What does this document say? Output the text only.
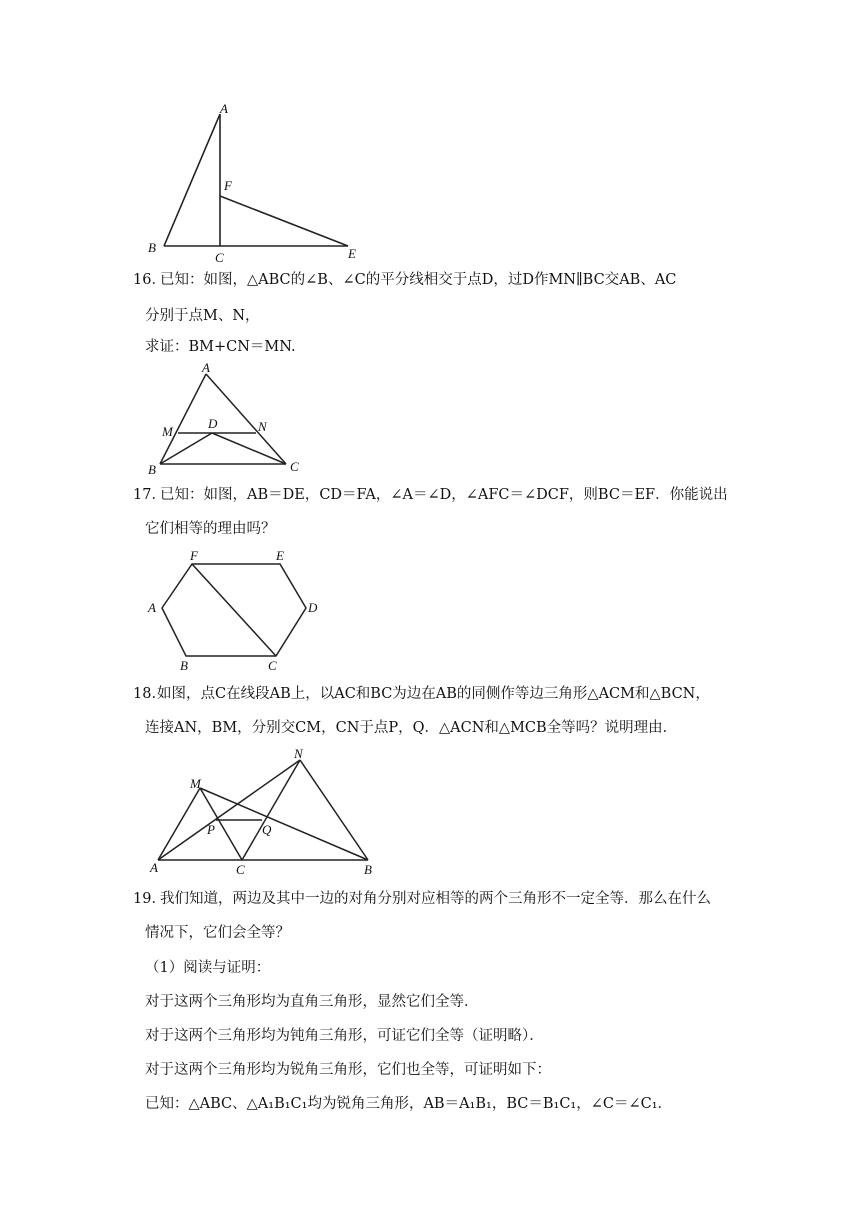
A
F
B
C	E
16．
已知：如图，△ABC的∠B、∠C的平分线相交于点D，过D作MN∥BC交AB、AC
分别于点M、N，
求证：BM+CN＝MN.
A
M
D	N
B	C
17．
已知：如图，AB＝DE，CD＝FA，∠A＝∠D，∠AFC＝∠DCF，则BC＝EF．你能说出
它们相等的理由吗？
F	E
A	D
B	C
18. 如图，点C在线段AB上，以AC和BC为边在AB的同侧作等边三角形△ACM和△BCN，
连接AN，BM，分别交CM，CN于点P，Q．△ACN和△MCB全等吗？说明理由．
M
N
P	Q
A	C	B
19．
我们知道，两边及其中一边的对角分别对应相等的两个三角形不一定全等．那么在什么
情况下，它们会全等？
（1）阅读与证明：
对于这两个三角形均为直角三角形，显然它们全等．
对于这两个三角形均为钝角三角形，可证它们全等（证明略）．
对于这两个三角形均为锐角三角形，它们也全等，可证明如下：
已知：△ABC、△A₁B₁C₁均为锐角三角形，AB＝A₁B₁，BC＝B₁C₁，∠C＝∠C₁．
